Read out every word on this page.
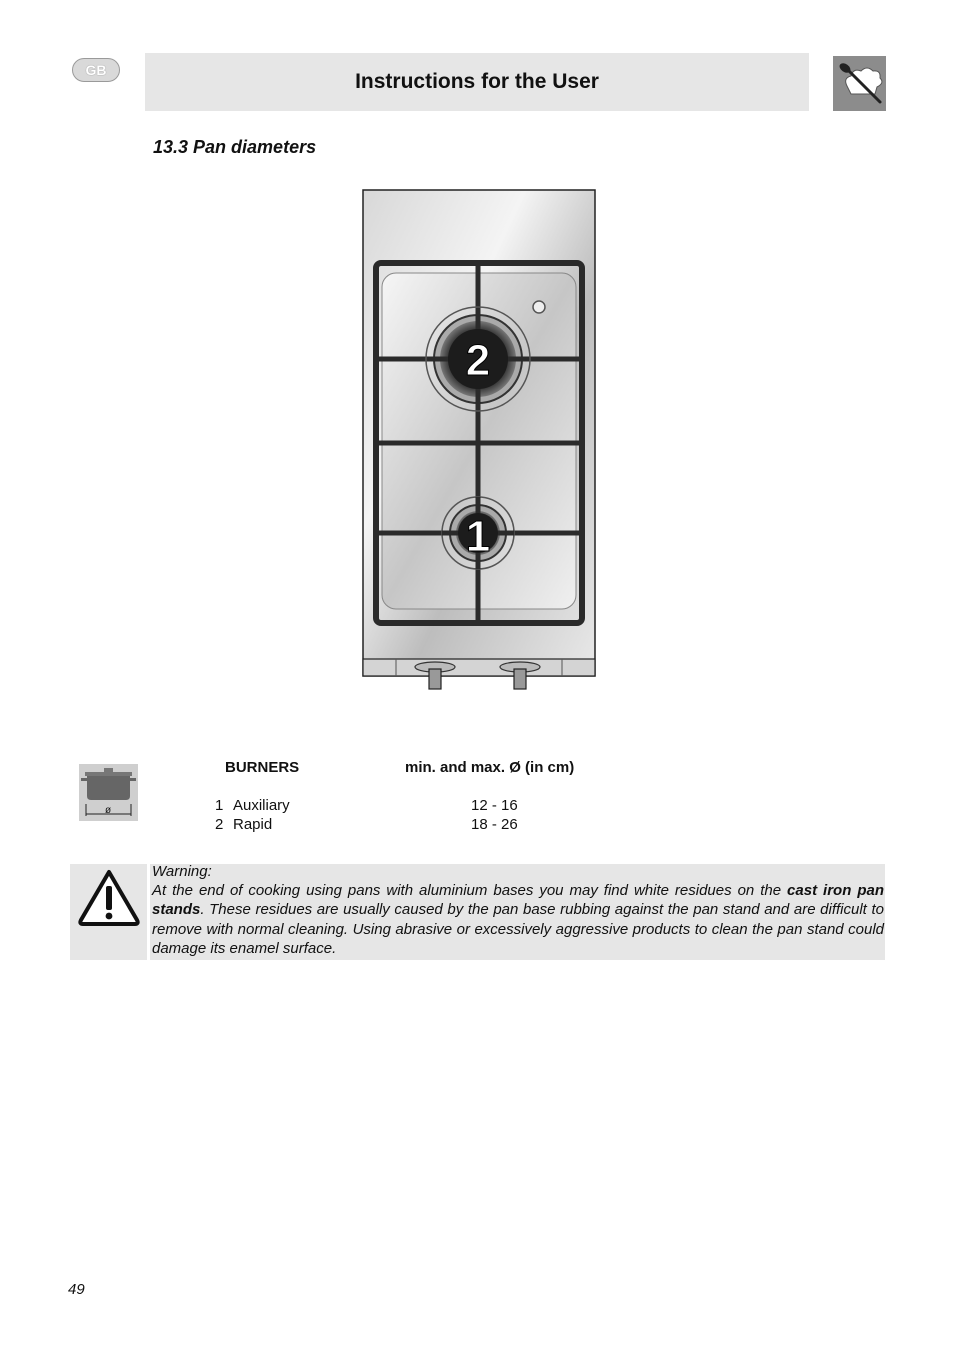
GB	Instructions for the User
13.3 Pan diameters
2
1
ø
BURNERS	min. and max. Ø (in cm)
1 Auxiliary	12 - 16
2 Rapid	18 - 26
Warning:
At the end of cooking using pans with aluminium bases you may find white residues on the cast iron pan stands. These residues are usually caused by the pan base rubbing against the pan stand and are difficult to remove with normal cleaning. Using abrasive or excessively aggressive products to clean the pan stand could damage its enamel surface.
49
